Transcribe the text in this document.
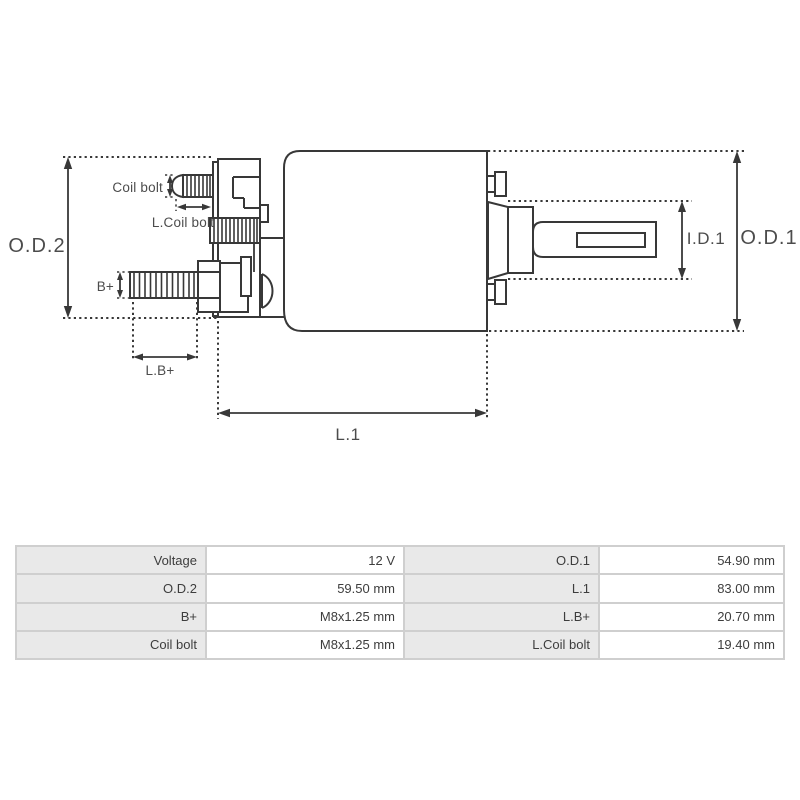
O.D.2	O.D.1
I.D.1
L.1
L.B+
B+
Coil bolt
L.Coil bolt
Voltage	12 V	O.D.1	54.90 mm
O.D.2	59.50 mm	L.1	83.00 mm
B+	M8x1.25 mm	L.B+	20.70 mm
Coil bolt	M8x1.25 mm	L.Coil bolt	19.40 mm
